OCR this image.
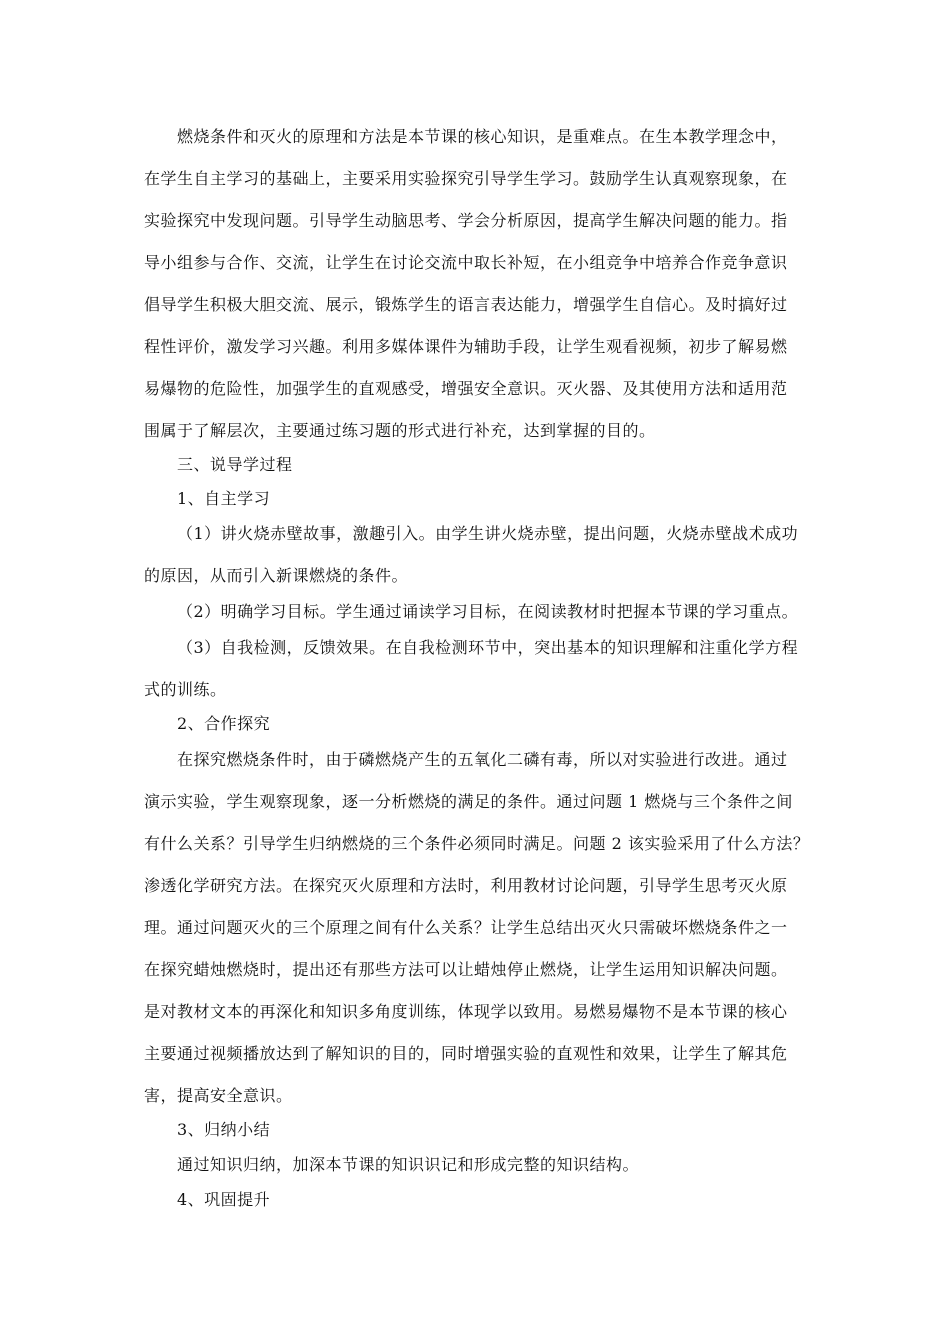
燃烧条件和灭火的原理和方法是本节课的核心知识，是重难点。在生本教学理念中，
在学生自主学习的基础上，主要采用实验探究引导学生学习。鼓励学生认真观察现象，在
实验探究中发现问题。引导学生动脑思考、学会分析原因，提高学生解决问题的能力。指
导小组参与合作、交流，让学生在讨论交流中取长补短，在小组竞争中培养合作竞争意识
倡导学生积极大胆交流、展示，锻炼学生的语言表达能力，增强学生自信心。及时搞好过
程性评价，激发学习兴趣。利用多媒体课件为辅助手段，让学生观看视频，初步了解易燃
易爆物的危险性，加强学生的直观感受，增强安全意识。灭火器、及其使用方法和适用范
围属于了解层次，主要通过练习题的形式进行补充，达到掌握的目的。
三、说导学过程
1、自主学习
（1）讲火烧赤壁故事，激趣引入。由学生讲火烧赤壁，提出问题，火烧赤壁战术成功
的原因，从而引入新课燃烧的条件。
（2）明确学习目标。学生通过诵读学习目标，在阅读教材时把握本节课的学习重点。
（3）自我检测，反馈效果。在自我检测环节中，突出基本的知识理解和注重化学方程
式的训练。
2、合作探究
在探究燃烧条件时，由于磷燃烧产生的五氧化二磷有毒，所以对实验进行改进。通过
演示实验，学生观察现象，逐一分析燃烧的满足的条件。通过问题 1 燃烧与三个条件之间
有什么关系？引导学生归纳燃烧的三个条件必须同时满足。问题 2 该实验采用了什么方法？
渗透化学研究方法。在探究灭火原理和方法时，利用教材讨论问题，引导学生思考灭火原
理。通过问题灭火的三个原理之间有什么关系？让学生总结出灭火只需破坏燃烧条件之一
在探究蜡烛燃烧时，提出还有那些方法可以让蜡烛停止燃烧，让学生运用知识解决问题。
是对教材文本的再深化和知识多角度训练，体现学以致用。易燃易爆物不是本节课的核心
主要通过视频播放达到了解知识的目的，同时增强实验的直观性和效果，让学生了解其危
害，提高安全意识。
3、归纳小结
通过知识归纳，加深本节课的知识识记和形成完整的知识结构。
4、巩固提升
